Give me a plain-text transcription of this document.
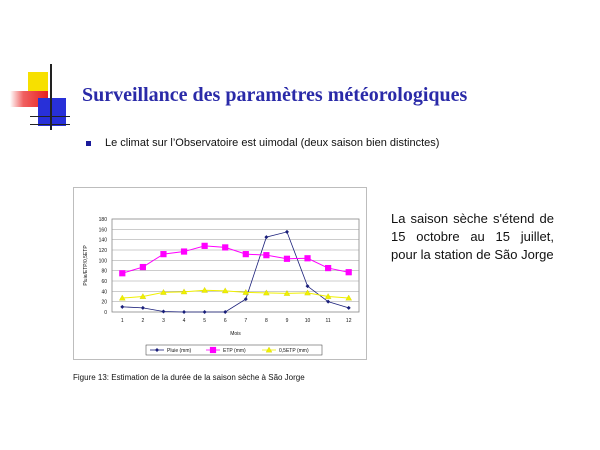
Surveillance des paramètres météorologiques
Le climat sur l’Observatoire est uimodal (deux saison bien distinctes)
0
20
40
60
80
100
120
140
160
180
1	2	3	4	5	6	7	8	9	10	11	12
Mois
Pluie/ETP/0,5ETP
Pluie (mm)	ETP (mm)	0,5ETP (mm)
Figure 13: Estimation de la durée de la saison sèche à São Jorge
La saison sèche s'étend de 15 octobre au 15 juillet, pour la station de São Jorge
